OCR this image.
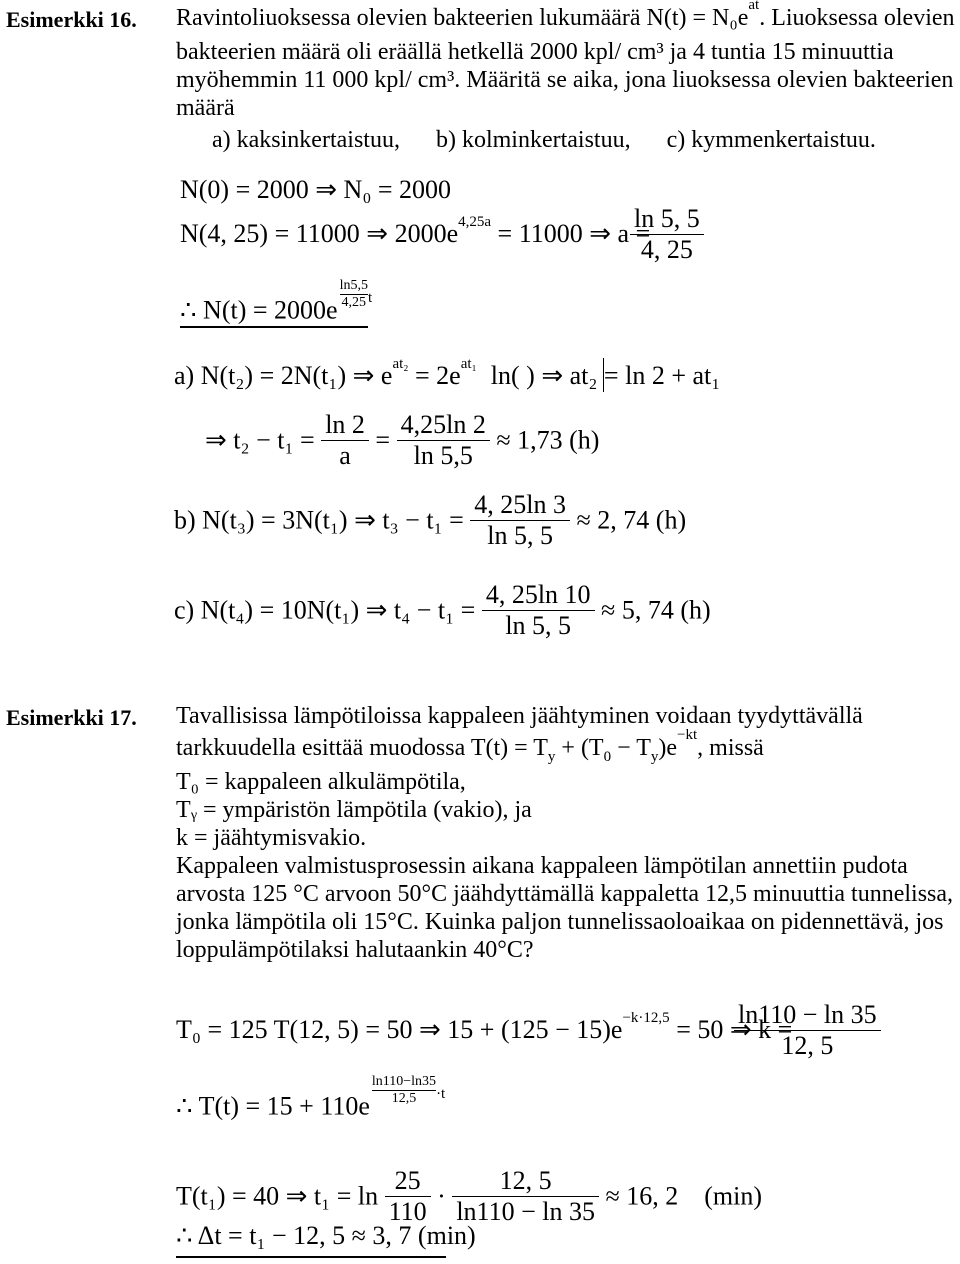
Esimerkki 16. Ravintoliuoksessa olevien bakteerien lukumäärä $N(t) = N_0e^{at}$. Liuoksessa olevien
bakteerien määrä oli eräällä hetkellä 2000 kpl/ cm³ ja 4 tuntia 15 minuuttia
myöhemmin 11 000 kpl/ cm³. Määritä se aika, jona liuoksessa olevien bakteerien
määrä
a) kaksinkertaistuu,      b) kolminkertaistuu,      c) kymmenkertaistuu.
N(0) = 2000 ⇒ N₀ = 2000
N(4, 25) = 11000 ⇒ $2000e^{4,25a} = 11000$ ⇒ a =
$\frac{\ln 5, 5}{4, 25}$
∴ $N(t) = 2000e \frac{\ln 5,5}{4,25} ^t$
a) N(t₂) = 2N(t₁) ⇒ $e^{at_2} = 2e^{at_1}$ ln( ) ⇒ at₂ = ln 2 + at₁
⇒ $t_2 - t_1 = \frac{\ln 2}{a} = \frac{4,25\ln 2}{\ln 5,5} \approx 1,73$ (h)
b) N(t₃) = 3N(t₁) ⇒ $t_3 - t_1 = \frac{4, 25\ln 3}{\ln 5, 5} \approx 2$, 74 (h)
c) N(t₄) = 10N(t₁) ⇒ $t_4 - t_1 = \frac{4, 25\ln 10}{\ln 5, 5} \approx 5$, 74 (h)
Esimerkki 17. Tavallisissa lämpötiloissa kappaleen jäähtyminen voidaan tyydyttävällä
tarkkuudella esittää muodossa $T(t) = T_y + (T_0 - T_y)e^{-kt}$, missä
T₀ = kappaleen alkulämpötila,
Tᵧ = ympäristön lämpötila (vakio), ja
k = jäähtymisvakio.
Kappaleen valmistusprosessin aikana kappaleen lämpötilan annettiin pudota
arvosta 125 °C arvoon 50°C jäähdyttämällä kappaletta 12,5 minuuttia tunnelissa,
jonka lämpötila oli 15°C. Kuinka paljon tunnelissaoloaikaa on pidennettävä, jos
loppulämpötilaksi halutaankin 40°C?
T₀ = 125 T(12, 5) = 50 ⇒ $15 + (125 - 15)e^{-k\cdot 12,5} = 50$ ⇒ k =
$\frac{\ln 110 - \ln 35}{12, 5}$
∴ $T(t) = 15 + 110e \frac{\ln 110-\ln 35}{12,5} ^{\cdot t}$
T(t₁) = 40 ⇒ $t_1 = \ln \frac{25}{110} \cdot \frac{12, 5}{\ln 110 - \ln 35} \approx 16$, 2    (min)
∴ Δt = t₁ − 12, 5 ≈ 3, 7 (min)
